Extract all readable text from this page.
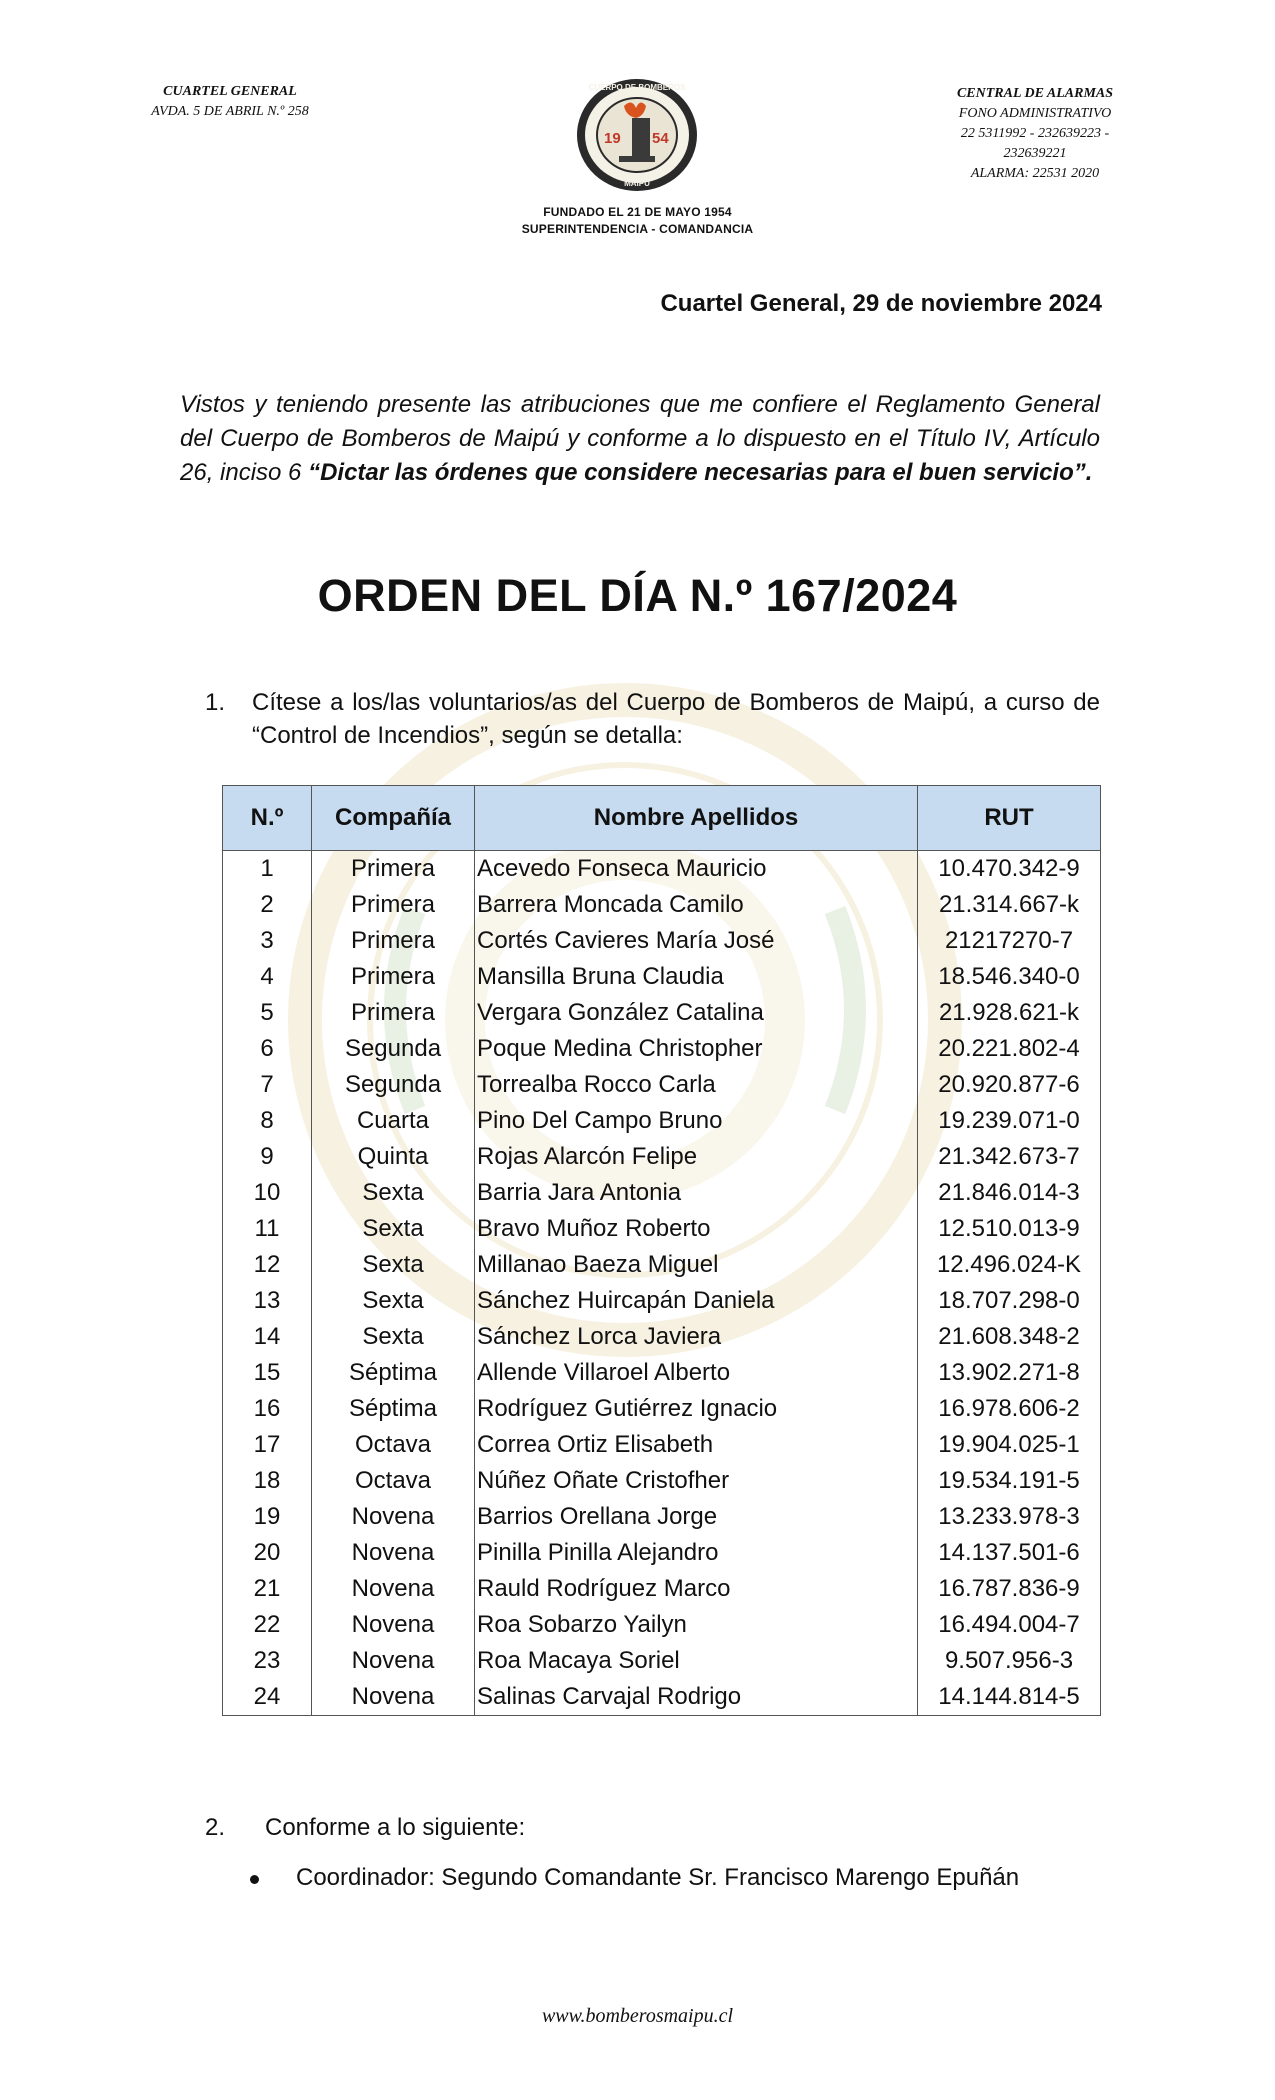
CUARTEL GENERAL
AVDA. 5 DE ABRIL N.º 258
19 54
CUERPO DE BOMBEROS
MAIPU
FUNDADO EL 21 DE MAYO 1954
SUPERINTENDENCIA - COMANDANCIA
CENTRAL DE ALARMAS
FONO ADMINISTRATIVO
22 5311992 - 232639223 -
232639221
ALARMA: 22531 2020
Cuartel General, 29 de noviembre 2024
Vistos y teniendo presente las atribuciones que me confiere el Reglamento General del Cuerpo de Bomberos de Maipú y conforme a lo dispuesto en el Título IV, Artículo 26, inciso 6 “Dictar las órdenes que considere necesarias para el buen servicio”.
ORDEN DEL DÍA N.º 167/2024
1. Cítese a los/las voluntarios/as del Cuerpo de Bomberos de Maipú, a curso de “Control de Incendios”, según se detalla:
N.º	Compañía	Nombre Apellidos	RUT
1	Primera	Acevedo Fonseca Mauricio	10.470.342-9
2	Primera	Barrera Moncada Camilo	21.314.667-k
3	Primera	Cortés Cavieres María José	21217270-7
4	Primera	Mansilla Bruna Claudia	18.546.340-0
5	Primera	Vergara González Catalina	21.928.621-k
6	Segunda	Poque Medina Christopher	20.221.802-4
7	Segunda	Torrealba Rocco Carla	20.920.877-6
8	Cuarta	Pino Del Campo Bruno	19.239.071-0
9	Quinta	Rojas Alarcón Felipe	21.342.673-7
10	Sexta	Barria Jara Antonia	21.846.014-3
11	Sexta	Bravo Muñoz Roberto	12.510.013-9
12	Sexta	Millanao Baeza Miguel	12.496.024-K
13	Sexta	Sánchez Huircapán Daniela	18.707.298-0
14	Sexta	Sánchez Lorca Javiera	21.608.348-2
15	Séptima	Allende Villaroel Alberto	13.902.271-8
16	Séptima	Rodríguez Gutiérrez Ignacio	16.978.606-2
17	Octava	Correa Ortiz Elisabeth	19.904.025-1
18	Octava	Núñez Oñate Cristofher	19.534.191-5
19	Novena	Barrios Orellana Jorge	13.233.978-3
20	Novena	Pinilla Pinilla Alejandro	14.137.501-6
21	Novena	Rauld Rodríguez Marco	16.787.836-9
22	Novena	Roa Sobarzo Yailyn	16.494.004-7
23	Novena	Roa Macaya Soriel	9.507.956-3
24	Novena	Salinas Carvajal Rodrigo	14.144.814-5
2. Conforme a lo siguiente:
Coordinador: Segundo Comandante Sr. Francisco Marengo Epuñán
www.bomberosmaipu.cl
